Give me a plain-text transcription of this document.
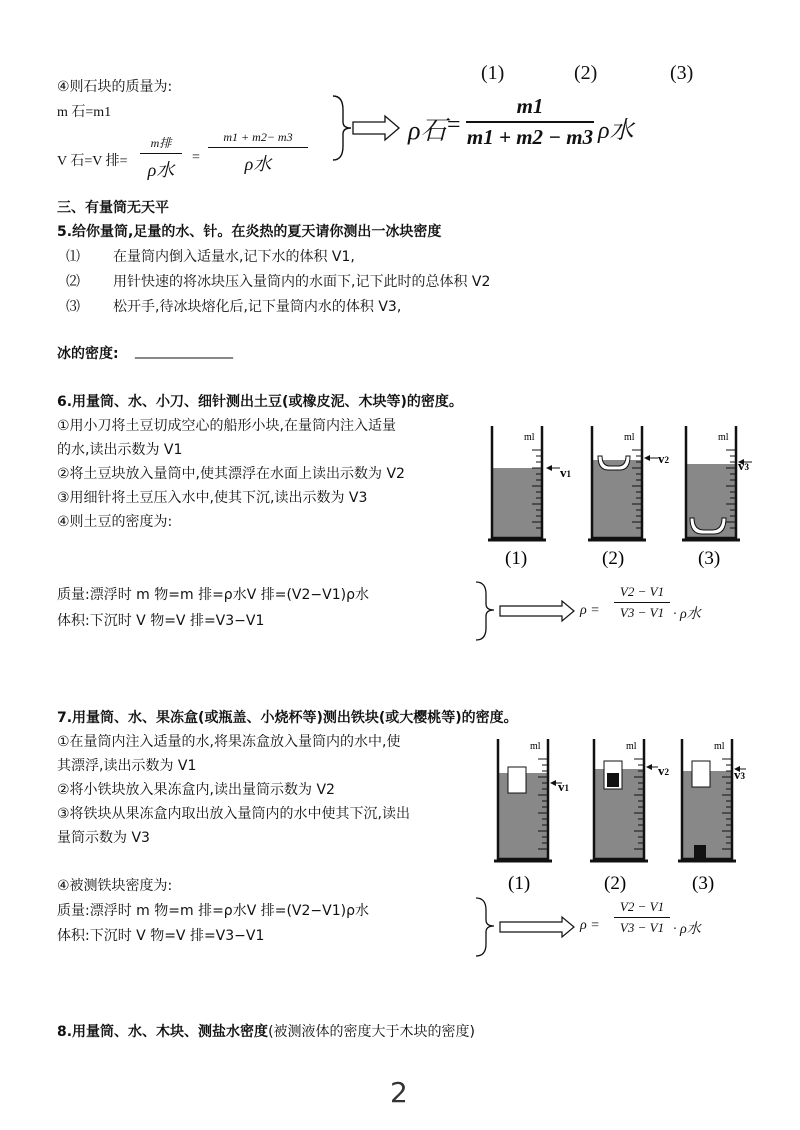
④则石块的质量为:
m 石=m1
V 石=V 排=
m排
ρ水
=
m1 + m2− m3
ρ水
(1)	(2)	(3)
ρ石 =
m1
m1 + m2 − m3 ρ水
三、有量筒无天平
5.给你量筒,足量的水、针。在炎热的夏天请你测出一冰块密度
⑴ 在量筒内倒入适量水,记下水的体积 V1,
⑵ 用针快速的将冰块压入量筒内的水面下,记下此时的总体积 V2
⑶ 松开手,待冰块熔化后,记下量筒内水的体积 V3,
冰的密度: ______________
6.用量筒、水、小刀、细针测出土豆(或橡皮泥、木块等)的密度。
①用小刀将土豆切成空心的船形小块,在量筒内注入适量
的水,读出示数为 V1
②将土豆块放入量筒中,使其漂浮在水面上读出示数为 V2
③用细针将土豆压入水中,使其下沉,读出示数为 V3
④则土豆的密度为:
ml
v1
ml
v2
ml
v3
(1)	(2)	(3)
质量:漂浮时 m 物=m 排=ρ水V 排=(V2−V1)ρ水
体积:下沉时 V 物=V 排=V3−V1
ρ =
V2 − V1
V3 − V1 · ρ水
7.用量筒、水、果冻盒(或瓶盖、小烧杯等)测出铁块(或大樱桃等)的密度。
①在量筒内注入适量的水,将果冻盒放入量筒内的水中,使
其漂浮,读出示数为 V1
②将小铁块放入果冻盒内,读出量筒示数为 V2
③将铁块从果冻盒内取出放入量筒内的水中使其下沉,读出
量筒示数为 V3
④被测铁块密度为:
ml
v1
ml
v2
ml
v3
(1)	(2)	(3)
质量:漂浮时 m 物=m 排=ρ水V 排=(V2−V1)ρ水
体积:下沉时 V 物=V 排=V3−V1
ρ =
V2 − V1
V3 − V1 · ρ水
8.用量筒、水、木块、测盐水密度(被测液体的密度大于木块的密度)
2
